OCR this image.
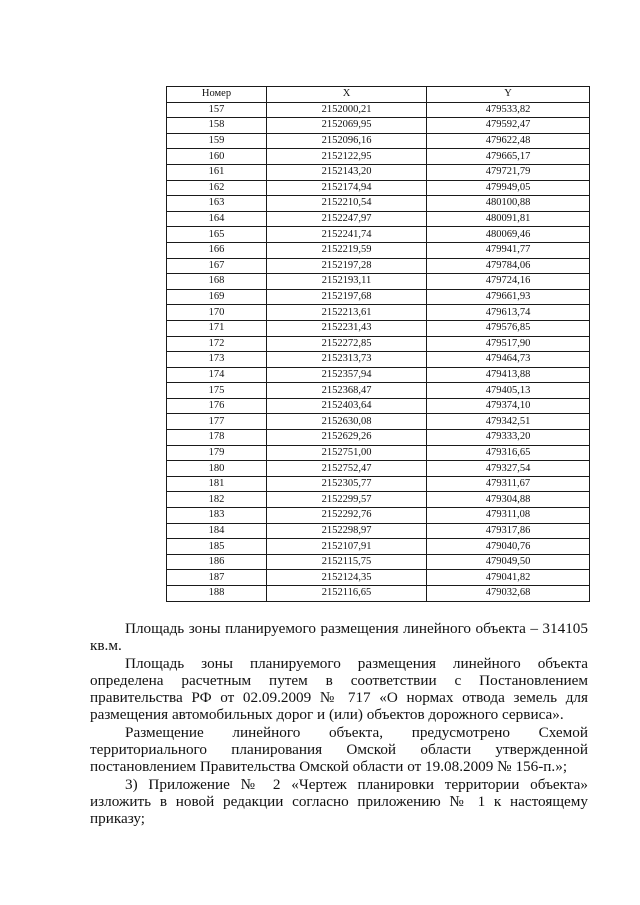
Номер	X	Y
157	2152000,21	479533,82
158	2152069,95	479592,47
159	2152096,16	479622,48
160	2152122,95	479665,17
161	2152143,20	479721,79
162	2152174,94	479949,05
163	2152210,54	480100,88
164	2152247,97	480091,81
165	2152241,74	480069,46
166	2152219,59	479941,77
167	2152197,28	479784,06
168	2152193,11	479724,16
169	2152197,68	479661,93
170	2152213,61	479613,74
171	2152231,43	479576,85
172	2152272,85	479517,90
173	2152313,73	479464,73
174	2152357,94	479413,88
175	2152368,47	479405,13
176	2152403,64	479374,10
177	2152630,08	479342,51
178	2152629,26	479333,20
179	2152751,00	479316,65
180	2152752,47	479327,54
181	2152305,77	479311,67
182	2152299,57	479304,88
183	2152292,76	479311,08
184	2152298,97	479317,86
185	2152107,91	479040,76
186	2152115,75	479049,50
187	2152124,35	479041,82
188	2152116,65	479032,68

Площадь зоны планируемого размещения линейного объекта – 314105 кв.м.

Площадь зоны планируемого размещения линейного объекта определена расчетным путем в соответствии с Постановлением правительства РФ от 02.09.2009 № 717 «О нормах отвода земель для размещения автомобильных дорог и (или) объектов дорожного сервиса».

Размещение линейного объекта, предусмотрено Схемой территориального планирования Омской области утвержденной постановлением Правительства Омской области от 19.08.2009 № 156-п.»;

3) Приложение № 2 «Чертеж планировки территории объекта» изложить в новой редакции согласно приложению № 1 к настоящему приказу;
